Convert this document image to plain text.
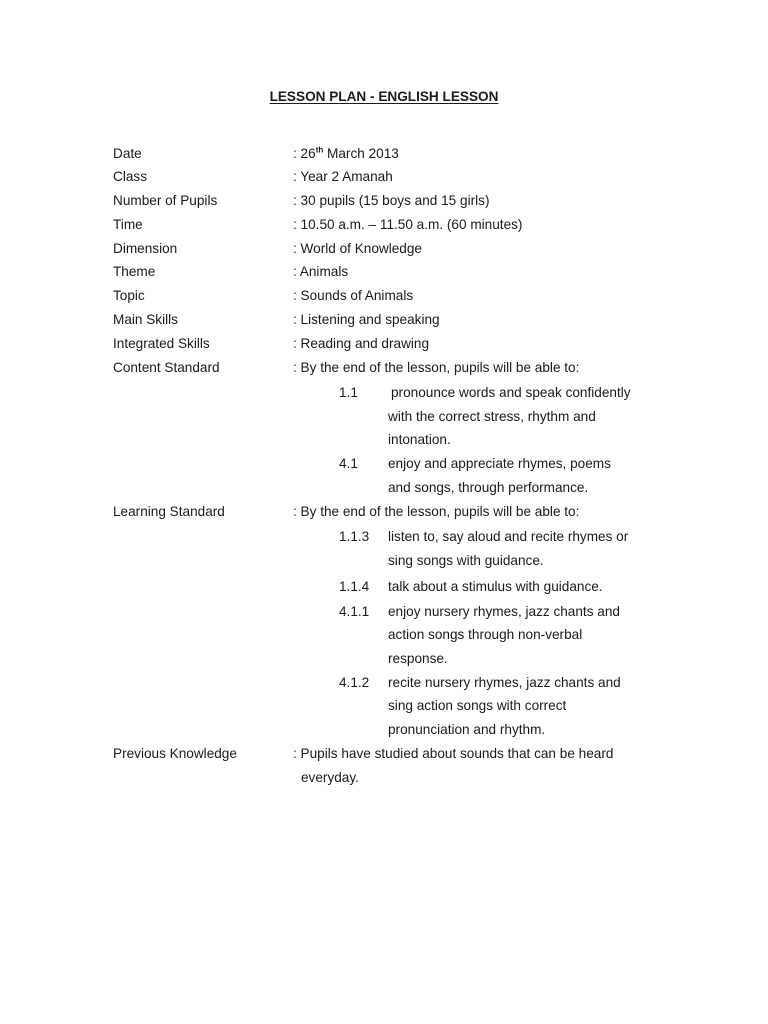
LESSON PLAN - ENGLISH LESSON
Date	: 26th March 2013
Class	: Year 2 Amanah
Number of Pupils	: 30 pupils (15 boys and 15 girls)
Time	: 10.50 a.m. – 11.50 a.m. (60 minutes)
Dimension	: World of Knowledge
Theme	: Animals
Topic	: Sounds of Animals
Main Skills	: Listening and speaking
Integrated Skills	: Reading and drawing
Content Standard	: By the end of the lesson, pupils will be able to:
1.1 pronounce words and speak confidently
with the correct stress, rhythm and
intonation.
4.1 enjoy and appreciate rhymes, poems
and songs, through performance.
Learning Standard	: By the end of the lesson, pupils will be able to:
1.1.3 listen to, say aloud and recite rhymes or
sing songs with guidance.
1.1.4 talk about a stimulus with guidance.
4.1.1 enjoy nursery rhymes, jazz chants and
action songs through non-verbal
response.
4.1.2 recite nursery rhymes, jazz chants and
sing action songs with correct
pronunciation and rhythm.
Previous Knowledge	: Pupils have studied about sounds that can be heard
everyday.
